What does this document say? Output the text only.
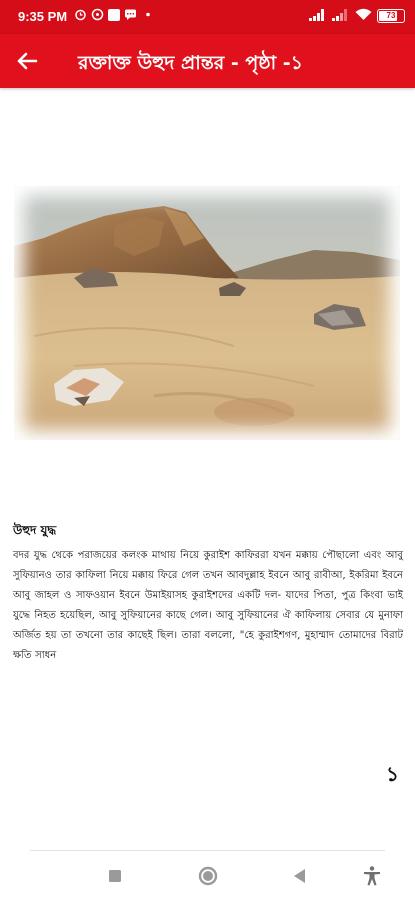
9:35 PM	73
রক্তাক্ত উহুদ প্রান্তর - পৃষ্ঠা -১

উহুদ যুদ্ধ

বদর যুদ্ধ থেকে পরাজয়ের কলংক মাথায় নিয়ে কুরাইশ কাফিররা যখন মক্কায় পৌছালো এবং আবু সুফিয়ানও তার কাফিলা নিয়ে মক্কায় ফিরে গেল তখন আবদুল্লাহ ইবনে আবু রাবীআ, ইকরিমা ইবনে আবু জাহল ও সাফওয়ান ইবনে উমাইয়াসহ কুরাইশদের একটি দল- যাদের পিতা, পুত্র কিংবা ভাই যুদ্ধে নিহত হয়েছিল, আবু সুফিয়ানের কাছে গেল। আবু সুফিয়ানের ঐ কাফিলায় সেবার যে মুনাফা অর্জিত হয় তা তখনো তার কাছেই ছিল। তারা বললো, "হে কুরাইশগণ, মুহাম্মাদ তোমাদের বিরাট ক্ষতি সাধন

১
